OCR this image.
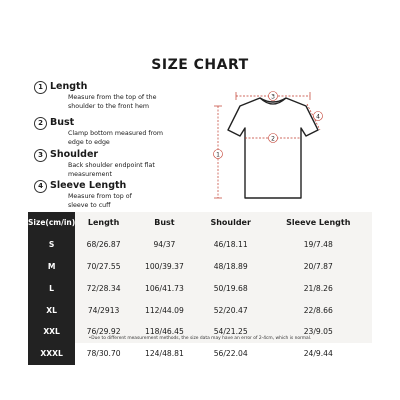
SIZE CHART
1 Length
Measure from the top of the shoulder to the front hem
2 Bust
Clamp bottom measured from edge to edge
3 Shoulder
Back shoulder endpoint flat measurement
4 Sleeve Length
Measure from top of sleeve to cuff
1
2
3
4
Size(cm/in)	Length	Bust	Shoulder	Sleeve Length
S	68/26.87	94/37	46/18.11	19/7.48
M	70/27.55	100/39.37	48/18.89	20/7.87
L	72/28.34	106/41.73	50/19.68	21/8.26
XL	74/2913	112/44.09	52/20.47	22/8.66
XXL	76/29.92	118/46.45	54/21.25	23/9.05
XXXL	78/30.70	124/48.81	56/22.04	24/9.44
•Due to different measurement methods, the size data may have an error of 2-4cm, which is normal.
